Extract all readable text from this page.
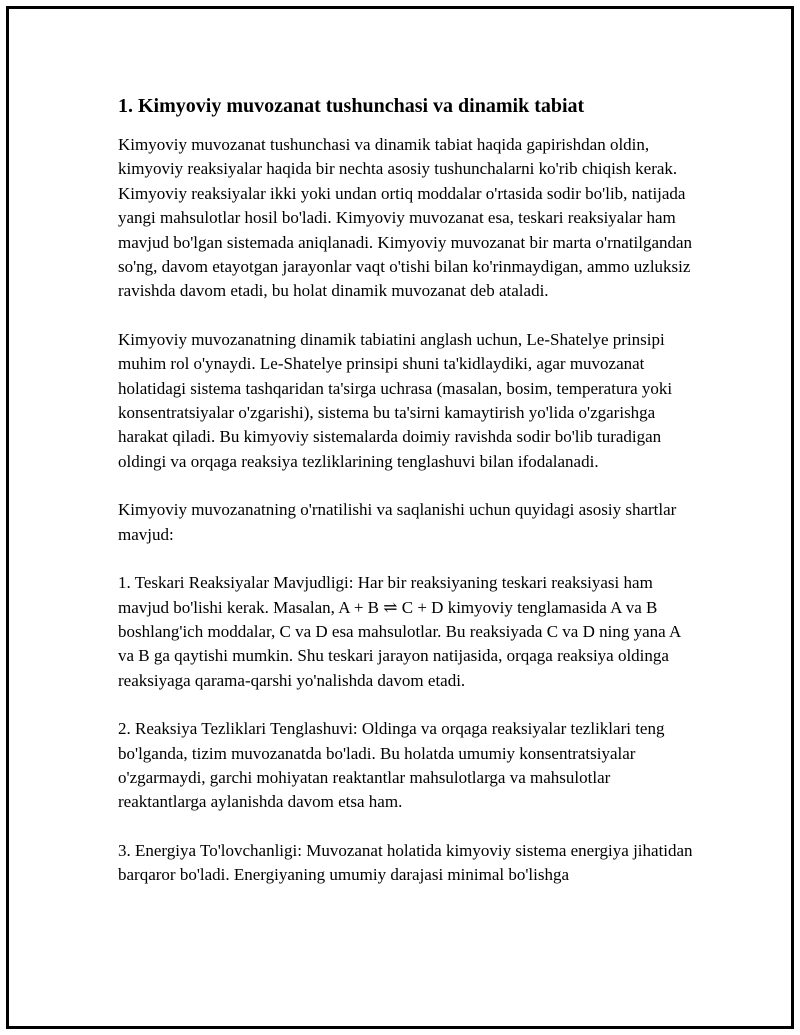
1. Kimyoviy muvozanat tushunchasi va dinamik tabiat

Kimyoviy muvozanat tushunchasi va dinamik tabiat haqida gapirishdan oldin, kimyoviy reaksiyalar haqida bir nechta asosiy tushunchalarni ko'rib chiqish kerak. Kimyoviy reaksiyalar ikki yoki undan ortiq moddalar o'rtasida sodir bo'lib, natijada yangi mahsulotlar hosil bo'ladi. Kimyoviy muvozanat esa, teskari reaksiyalar ham mavjud bo'lgan sistemada aniqlanadi. Kimyoviy muvozanat bir marta o'rnatilgandan so'ng, davom etayotgan jarayonlar vaqt o'tishi bilan ko'rinmaydigan, ammo uzluksiz ravishda davom etadi, bu holat dinamik muvozanat deb ataladi.

Kimyoviy muvozanatning dinamik tabiatini anglash uchun, Le-Shatelye prinsipi muhim rol o'ynaydi. Le-Shatelye prinsipi shuni ta'kidlaydiki, agar muvozanat holatidagi sistema tashqaridan ta'sirga uchrasa (masalan, bosim, temperatura yoki konsentratsiyalar o'zgarishi), sistema bu ta'sirni kamaytirish yo'lida o'zgarishga harakat qiladi. Bu kimyoviy sistemalarda doimiy ravishda sodir bo'lib turadigan oldingi va orqaga reaksiya tezliklarining tenglashuvi bilan ifodalanadi.

Kimyoviy muvozanatning o'rnatilishi va saqlanishi uchun quyidagi asosiy shartlar mavjud:

1. Teskari Reaksiyalar Mavjudligi: Har bir reaksiyaning teskari reaksiyasi ham mavjud bo'lishi kerak. Masalan, A + B ⇌ C + D kimyoviy tenglamasida A va B boshlang'ich moddalar, C va D esa mahsulotlar. Bu reaksiyada C va D ning yana A va B ga qaytishi mumkin. Shu teskari jarayon natijasida, orqaga reaksiya oldinga reaksiyaga qarama-qarshi yo'nalishda davom etadi.

2. Reaksiya Tezliklari Tenglashuvi: Oldinga va orqaga reaksiyalar tezliklari teng bo'lganda, tizim muvozanatda bo'ladi. Bu holatda umumiy konsentratsiyalar o'zgarmaydi, garchi mohiyatan reaktantlar mahsulotlarga va mahsulotlar reaktantlarga aylanishda davom etsa ham.

3. Energiya To'lovchanligi: Muvozanat holatida kimyoviy sistema energiya jihatidan barqaror bo'ladi. Energiyaning umumiy darajasi minimal bo'lishga
